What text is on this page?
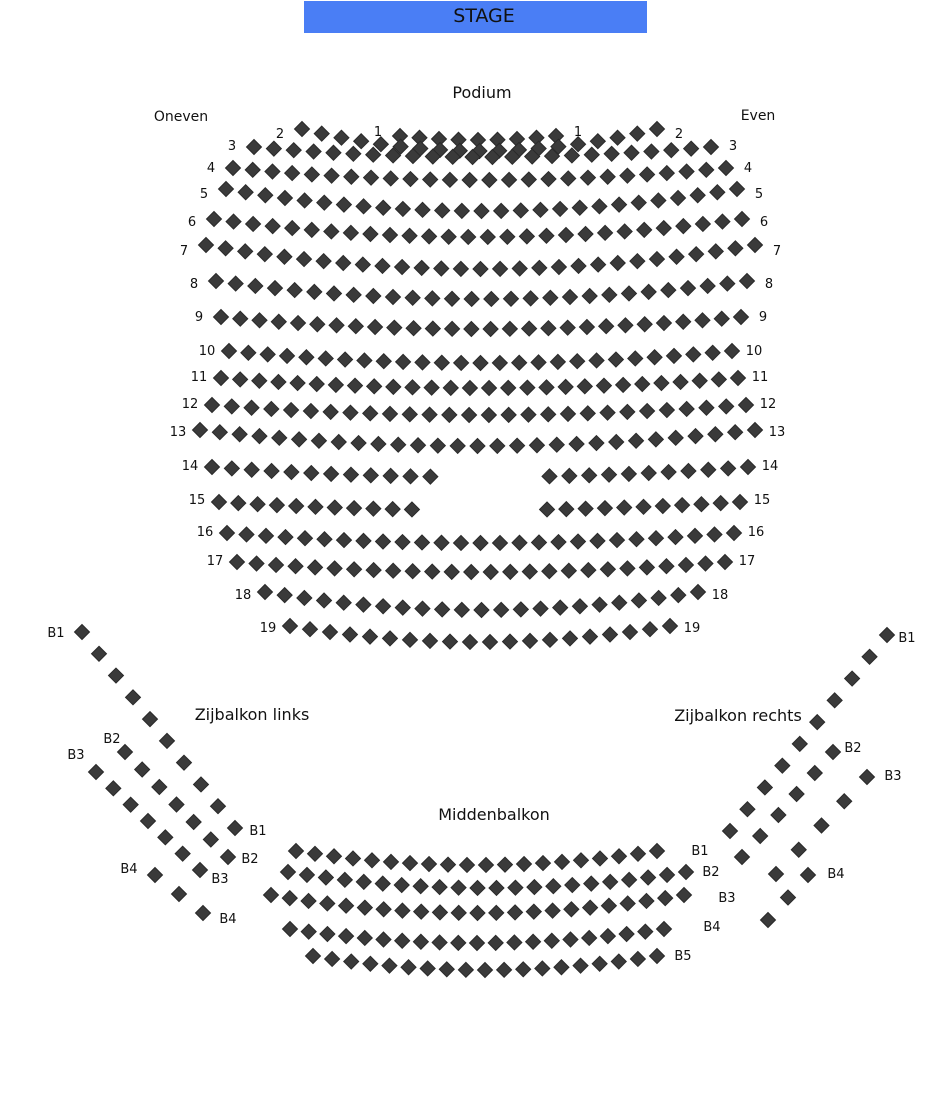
STAGE
Podium
Oneven	Even
Zijbalkon links	Zijbalkon rechts
Middenbalkon
1	1
2	2
3	3
4	4
5	5
6	6
7	7
8	8
9	9
10	10
11	11
12	12
13	13
14	14
15	15
16	16
17	17
18	18
19	19
B1
B1
B2
B2
B3
B3
B4
B4
B1
B2
B3
B4
B1
B2
B3
B4
B5
